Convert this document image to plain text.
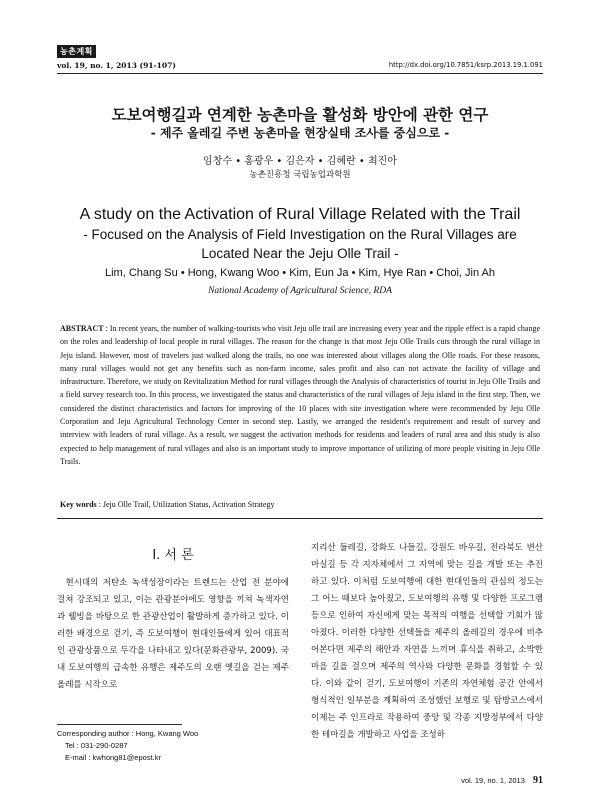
농촌계획
vol. 19, no. 1, 2013 (91-107)	http://dx.doi.org/10.7851/ksrp.2013.19.1.091
도보여행길과 연계한 농촌마을 활성화 방안에 관한 연구
- 제주 올레길 주변 농촌마을 현장실태 조사를 중심으로 -
임창수 • 홍광우 • 김은자 • 김혜란 • 최진아
농촌진흥청 국립농업과학원
A study on the Activation of Rural Village Related with the Trail
- Focused on the Analysis of Field Investigation on the Rural Villages are
Located Near the Jeju Olle Trail -
Lim, Chang Su • Hong, Kwang Woo • Kim, Eun Ja • Kim, Hye Ran • Choi, Jin Ah
National Academy of Agricultural Science, RDA
ABSTRACT : In recent years, the number of walking-tourists who visit Jeju olle trail are increasing every year and the ripple effect is a rapid change on the roles and leadership of local people in rural villages. The reason for the change is that most Jeju Olle Trails cuts through the rural village in Jeju island. However, most of travelers just walked along the trails, no one was interested about villages along the Olle roads. For these reasons, many rural villages would not get any benefits such as non-farm income, sales profit and also can not activate the facility of village and infrastructure. Therefore, we study on Revitalization Method for rural villages through the Analysis of characteristics of tourist in Jeju Olle Trails and a field survey research too. In this process, we investigated the status and characteristics of the rural villages of Jeju island in the first step. Then, we considered the distinct characteristics and factors for improving of the 10 places with site investigation where were recommended by Jeju Olle Corporation and Jeju Agricultural Technology Center in second step. Lastly, we arranged the resident's requirement and result of survey and interview with leaders of rural village. As a result, we suggest the activation methods for residents and leaders of rural area and this study is also expected to help management of rural villages and also is an important study to improve importance of utilizing of more people visiting in Jeju Olle Trails.
Key words : Jeju Olle Trail, Utilization Status, Activation Strategy
Ⅰ. 서 론

현시대의 저탄소 녹색성장이라는 트렌드는 산업 전 분야에 걸쳐 강조되고 있고, 이는 관광분야에도 영향을 끼쳐 녹색자연과 웰빙을 바탕으로 한 관광산업이 활발하게 증가하고 있다. 이러한 배경으로 걷기, 즉 도보여행이 현대인들에게 있어 대표적인 관광상품으로 두각을 나타내고 있다(문화관광부, 2009). 국내 도보여행의 급속한 유행은 제주도의 오랜 옛길을 걷는 제주올레를 시작으로

지리산 둘레길, 강화도 나들길, 강원도 바우길, 전라북도 변산 마실길 등 각 지자체에서 그 지역에 맞는 길을 개발 또는 추진하고 있다. 이처럼 도보여행에 대한 현대인들의 관심의 정도는 그 어느 때보다 높아졌고, 도보여행의 유행 및 다양한 프로그램 등으로 인하여 자신에게 맞는 목적의 여행을 선택할 기회가 많아졌다. 이러한 다양한 선택들을 제주의 올레길의 경우에 비추어본다면 제주의 해안과 자연을 느끼며 휴식을 취하고, 소박한 마을 길을 걸으며 제주의 역사와 다양한 문화를 경험할 수 있다. 이와 같이 걷기, 도보여행이 기존의 자연체험 공간 안에서 형식적인 일부분을 계획하여 조성했던 보행로 및 탐방코스에서 이제는 주 인프라로 작용하여 중앙 및 각종 지방정부에서 다양한 테마길을 개발하고 사업을 조성하

Corresponding author : Hong, Kwang Woo
Tel : 031-290-0287
E-mail : kwhong81@epost.kr
vol. 19, no. 1, 2013 91
